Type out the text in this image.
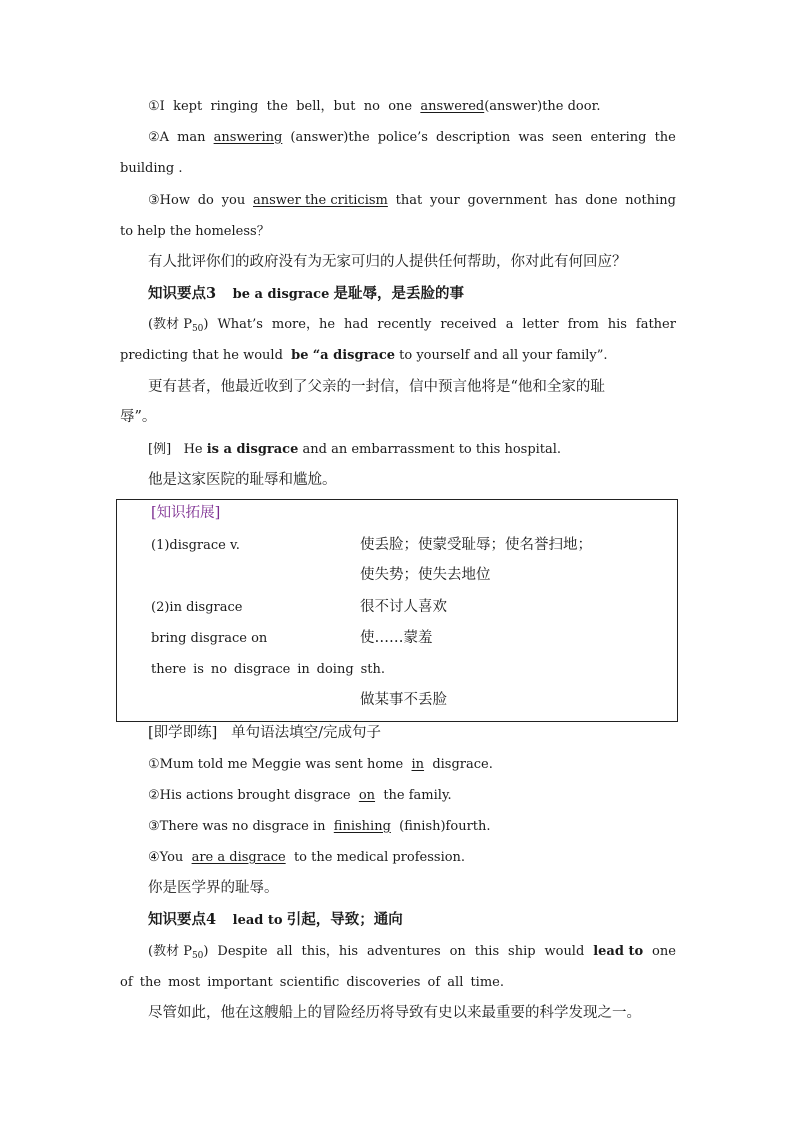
①I kept ringing the bell，but no one answered(answer)the door.
②A man answering (answer)the police’s description was seen entering the
building .
③How do you answer the criticism that your government has done nothing
to help the homeless？
有人批评你们的政府没有为无家可归的人提供任何帮助，你对此有何回应？
知识要点3 be a disgrace 是耻辱，是丢脸的事
(教材 $P_{50}$) What’s more，he had recently received a letter from his father
predicting that he would be “a disgrace to yourself and all your family”.
更有甚者，他最近收到了父亲的一封信，信中预言他将是“他和全家的耻
辱”。
[例] He is a disgrace and an embarrassment to this hospital.
他是这家医院的耻辱和尴尬。
[知识拓展]
(1)disgrace v.	使丢脸；使蒙受耻辱；使名誉扫地；
使失势；使失去地位
(2)in disgrace	很不讨人喜欢
bring disgrace on	使……蒙羞
there is no disgrace in doing sth.
做某事不丢脸
[即学即练] 单句语法填空/完成句子
①Mum told me Meggie was sent home in disgrace.
②His actions brought disgrace on the family.
③There was no disgrace in finishing (finish)fourth.
④You are a disgrace to the medical profession.
你是医学界的耻辱。
知识要点4 lead to 引起，导致；通向
(教材 $P_{50}$) Despite all this，his adventures on this ship would lead to one
of the most important scientific discoveries of all time.
尽管如此，他在这艘船上的冒险经历将导致有史以来最重要的科学发现之一。
